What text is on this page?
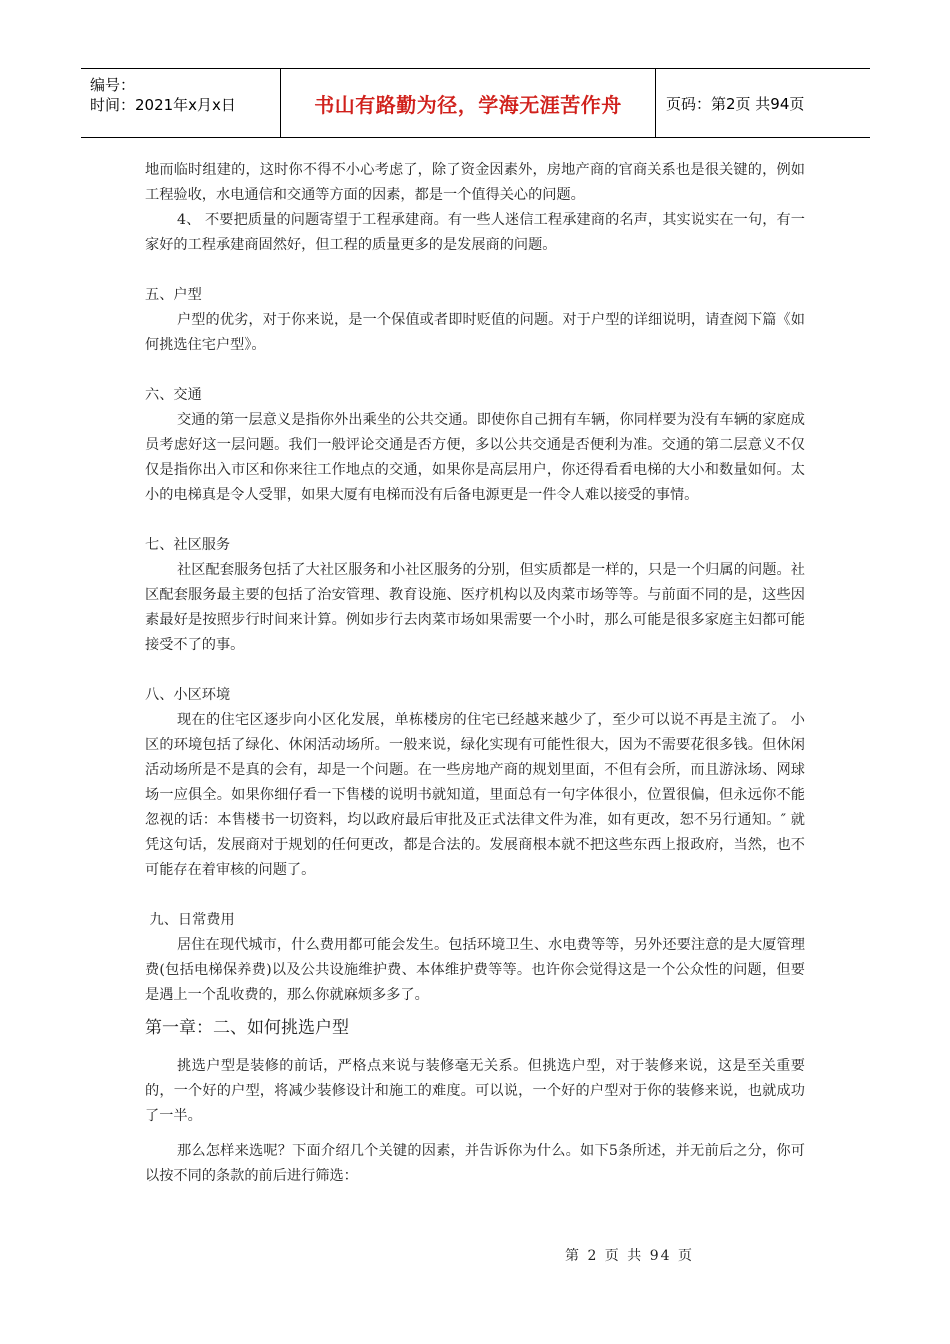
编号：
时间：2021年x月x日	书山有路勤为径，学海无涯苦作舟	页码：第2页 共94页

地而临时组建的，这时你不得不小心考虑了，除了资金因素外，房地产商的官商关系也是很关键的，例如工程验收，水电通信和交通等方面的因素，都是一个值得关心的问题。

4、 不要把质量的问题寄望于工程承建商。有一些人迷信工程承建商的名声，其实说实在一句，有一家好的工程承建商固然好，但工程的质量更多的是发展商的问题。

五、户型

户型的优劣，对于你来说，是一个保值或者即时贬值的问题。对于户型的详细说明，请查阅下篇《如何挑选住宅户型》。

六、交通

交通的第一层意义是指你外出乘坐的公共交通。即使你自己拥有车辆，你同样要为没有车辆的家庭成员考虑好这一层问题。我们一般评论交通是否方便，多以公共交通是否便利为准。交通的第二层意义不仅仅是指你出入市区和你来往工作地点的交通，如果你是高层用户，你还得看看电梯的大小和数量如何。太小的电梯真是令人受罪，如果大厦有电梯而没有后备电源更是一件令人难以接受的事情。

七、社区服务

社区配套服务包括了大社区服务和小社区服务的分别，但实质都是一样的，只是一个归属的问题。社区配套服务最主要的包括了治安管理、教育设施、医疗机构以及肉菜市场等等。与前面不同的是，这些因素最好是按照步行时间来计算。例如步行去肉菜市场如果需要一个小时，那么可能是很多家庭主妇都可能接受不了的事。

八、小区环境

现在的住宅区逐步向小区化发展，单栋楼房的住宅已经越来越少了，至少可以说不再是主流了。 小区的环境包括了绿化、休闲活动场所。一般来说，绿化实现有可能性很大，因为不需要花很多钱。但休闲活动场所是不是真的会有，却是一个问题。在一些房地产商的规划里面，不但有会所，而且游泳场、网球场一应俱全。如果你细仔看一下售楼的说明书就知道，里面总有一句字体很小，位置很偏，但永远你不能忽视的话：本售楼书一切资料，均以政府最后审批及正式法律文件为准，如有更改，恕不另行通知。″ 就凭这句话，发展商对于规划的任何更改，都是合法的。发展商根本就不把这些东西上报政府，当然，也不可能存在着审核的问题了。

九、日常费用

居住在现代城市，什么费用都可能会发生。包括环境卫生、水电费等等，另外还要注意的是大厦管理费(包括电梯保养费)以及公共设施维护费、本体维护费等等。也许你会觉得这是一个公众性的问题，但要是遇上一个乱收费的，那么你就麻烦多多了。

第一章：二、如何挑选户型

挑选户型是装修的前话，严格点来说与装修毫无关系。但挑选户型，对于装修来说，这是至关重要的，一个好的户型，将减少装修设计和施工的难度。可以说，一个好的户型对于你的装修来说，也就成功了一半。

那么怎样来选呢？下面介绍几个关键的因素，并告诉你为什么。如下5条所述，并无前后之分，你可以按不同的条款的前后进行筛选：

第 2 页 共 94 页
